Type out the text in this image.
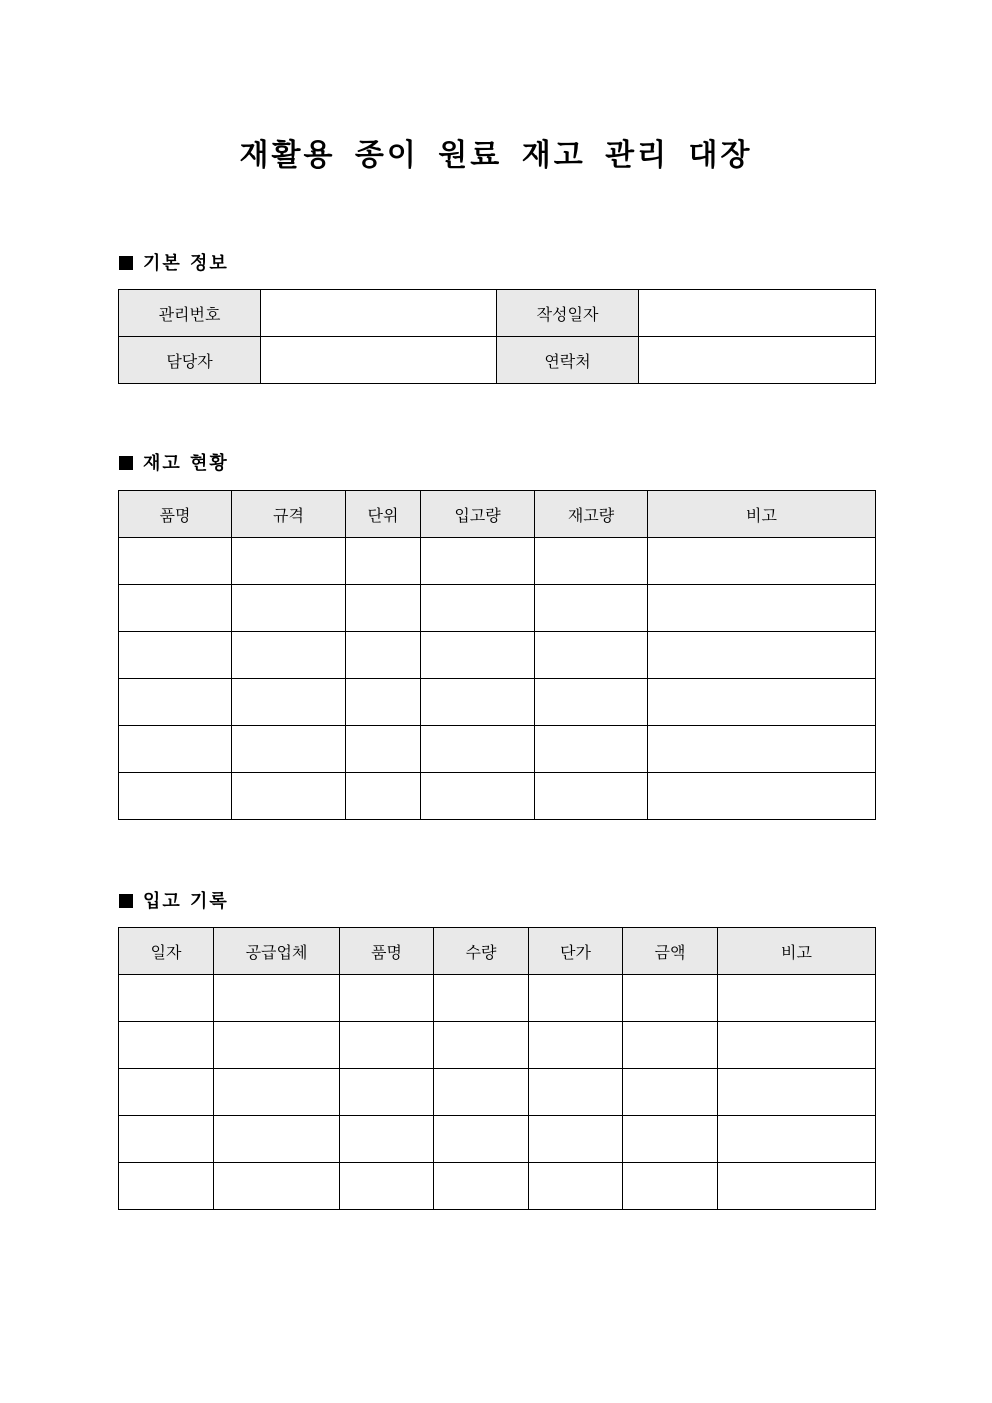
재활용 종이 원료 재고 관리 대장
기본 정보
관리번호		작성일자	
담당자		연락처	
재고 현황
품명	규격	단위	입고량	재고량	비고

입고 기록
일자	공급업체	품명	수량	단가	금액	비고
